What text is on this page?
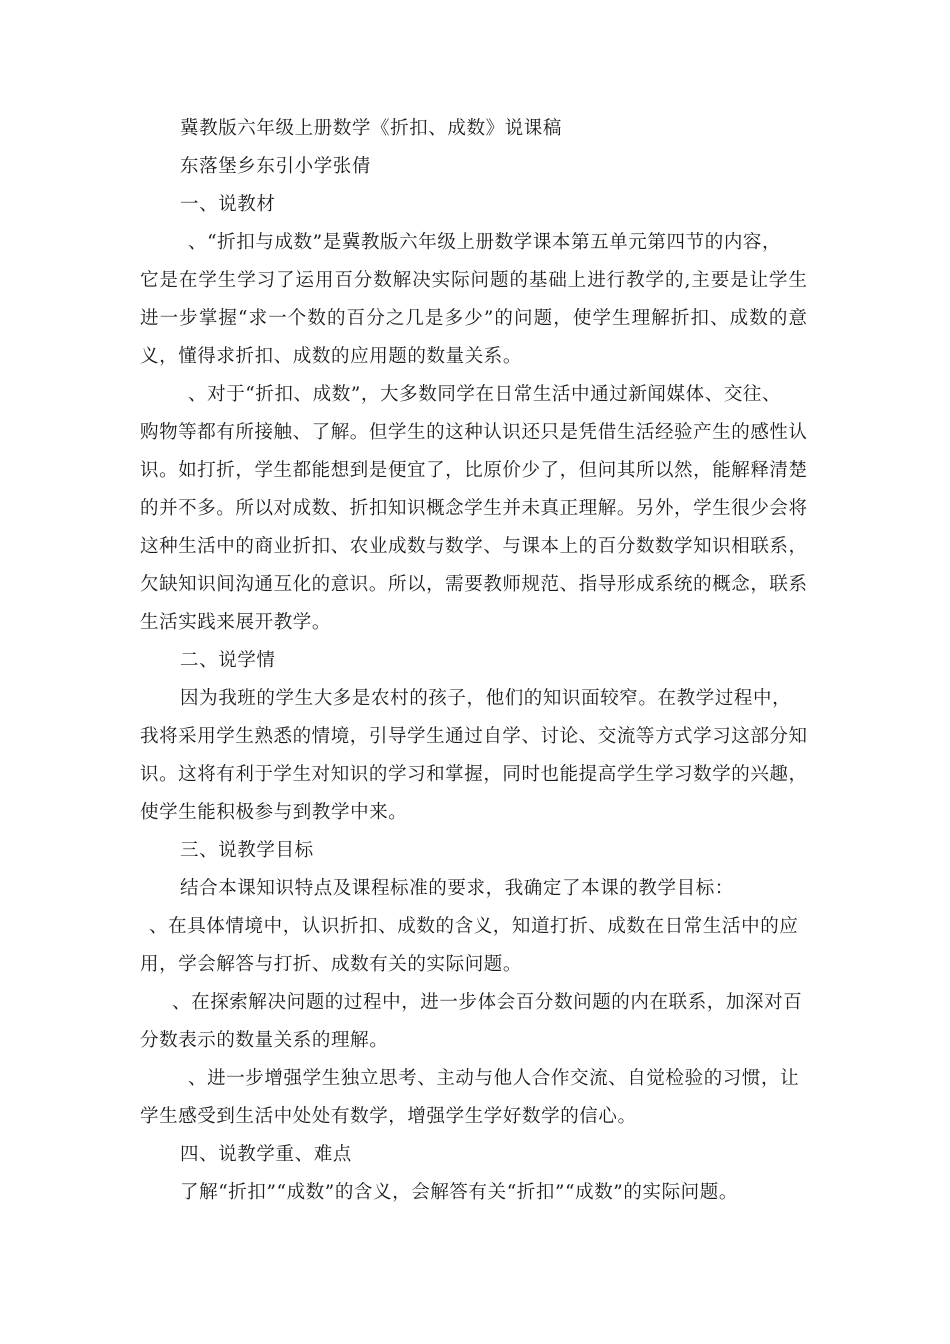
冀教版六年级上册数学《折扣、成数》说课稿
东落堡乡东引小学张倩
一、说教材
、“折扣与成数”是冀教版六年级上册数学课本第五单元第四节的内容，
它是在学生学习了运用百分数解决实际问题的基础上进行教学的,主要是让学生
进一步掌握“求一个数的百分之几是多少”的问题，使学生理解折扣、成数的意
义，懂得求折扣、成数的应用题的数量关系。
、对于“折扣、成数”，大多数同学在日常生活中通过新闻媒体、交往、
购物等都有所接触、了解。但学生的这种认识还只是凭借生活经验产生的感性认
识。如打折，学生都能想到是便宜了，比原价少了，但问其所以然，能解释清楚
的并不多。所以对成数、折扣知识概念学生并未真正理解。另外，学生很少会将
这种生活中的商业折扣、农业成数与数学、与课本上的百分数数学知识相联系，
欠缺知识间沟通互化的意识。所以，需要教师规范、指导形成系统的概念，联系
生活实践来展开教学。
二、说学情
因为我班的学生大多是农村的孩子，他们的知识面较窄。在教学过程中，
我将采用学生熟悉的情境，引导学生通过自学、讨论、交流等方式学习这部分知
识。这将有利于学生对知识的学习和掌握，同时也能提高学生学习数学的兴趣，
使学生能积极参与到教学中来。
三、说教学目标
结合本课知识特点及课程标准的要求，我确定了本课的教学目标：
、在具体情境中，认识折扣、成数的含义，知道打折、成数在日常生活中的应
用，学会解答与打折、成数有关的实际问题。
、在探索解决问题的过程中，进一步体会百分数问题的内在联系，加深对百
分数表示的数量关系的理解。
、进一步增强学生独立思考、主动与他人合作交流、自觉检验的习惯，让
学生感受到生活中处处有数学，增强学生学好数学的信心。
四、说教学重、难点
了解“折扣”“成数”的含义，会解答有关“折扣”“成数”的实际问题。
